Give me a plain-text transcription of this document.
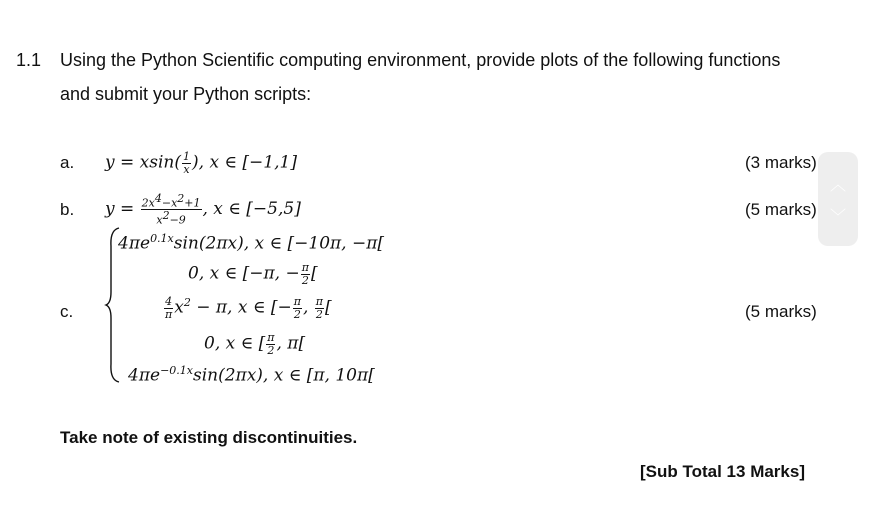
1.1 Using the Python Scientific computing environment, provide plots of the following functions
and submit your Python scripts:
a. $y = xsin( \frac{1}{x}$ ), x ∈ [−1,1]	(3 marks)
b. $y = \frac{2x^4-x^2+1}{x^2-9}$ , x ∈ [−5,5]	(5 marks)
c.
$4\pi e^{0.1x}\sin(2\pi x)$, x ∈ [−10π, −π[
0, x ∈ [−π, − $\frac{\pi}{2}$ [
$\frac{4}{\pi} x^2 - \pi$, x ∈ [− $\frac{\pi}{2}$ , $\frac{\pi}{2}$ [
0, x ∈ [ $\frac{\pi}{2}$ , π[
$4\pi e^{-0.1x}\sin(2\pi x)$, x ∈ [π, 10π[
(5 marks)
Take note of existing discontinuities.
[Sub Total 13 Marks]
︿
﹀
